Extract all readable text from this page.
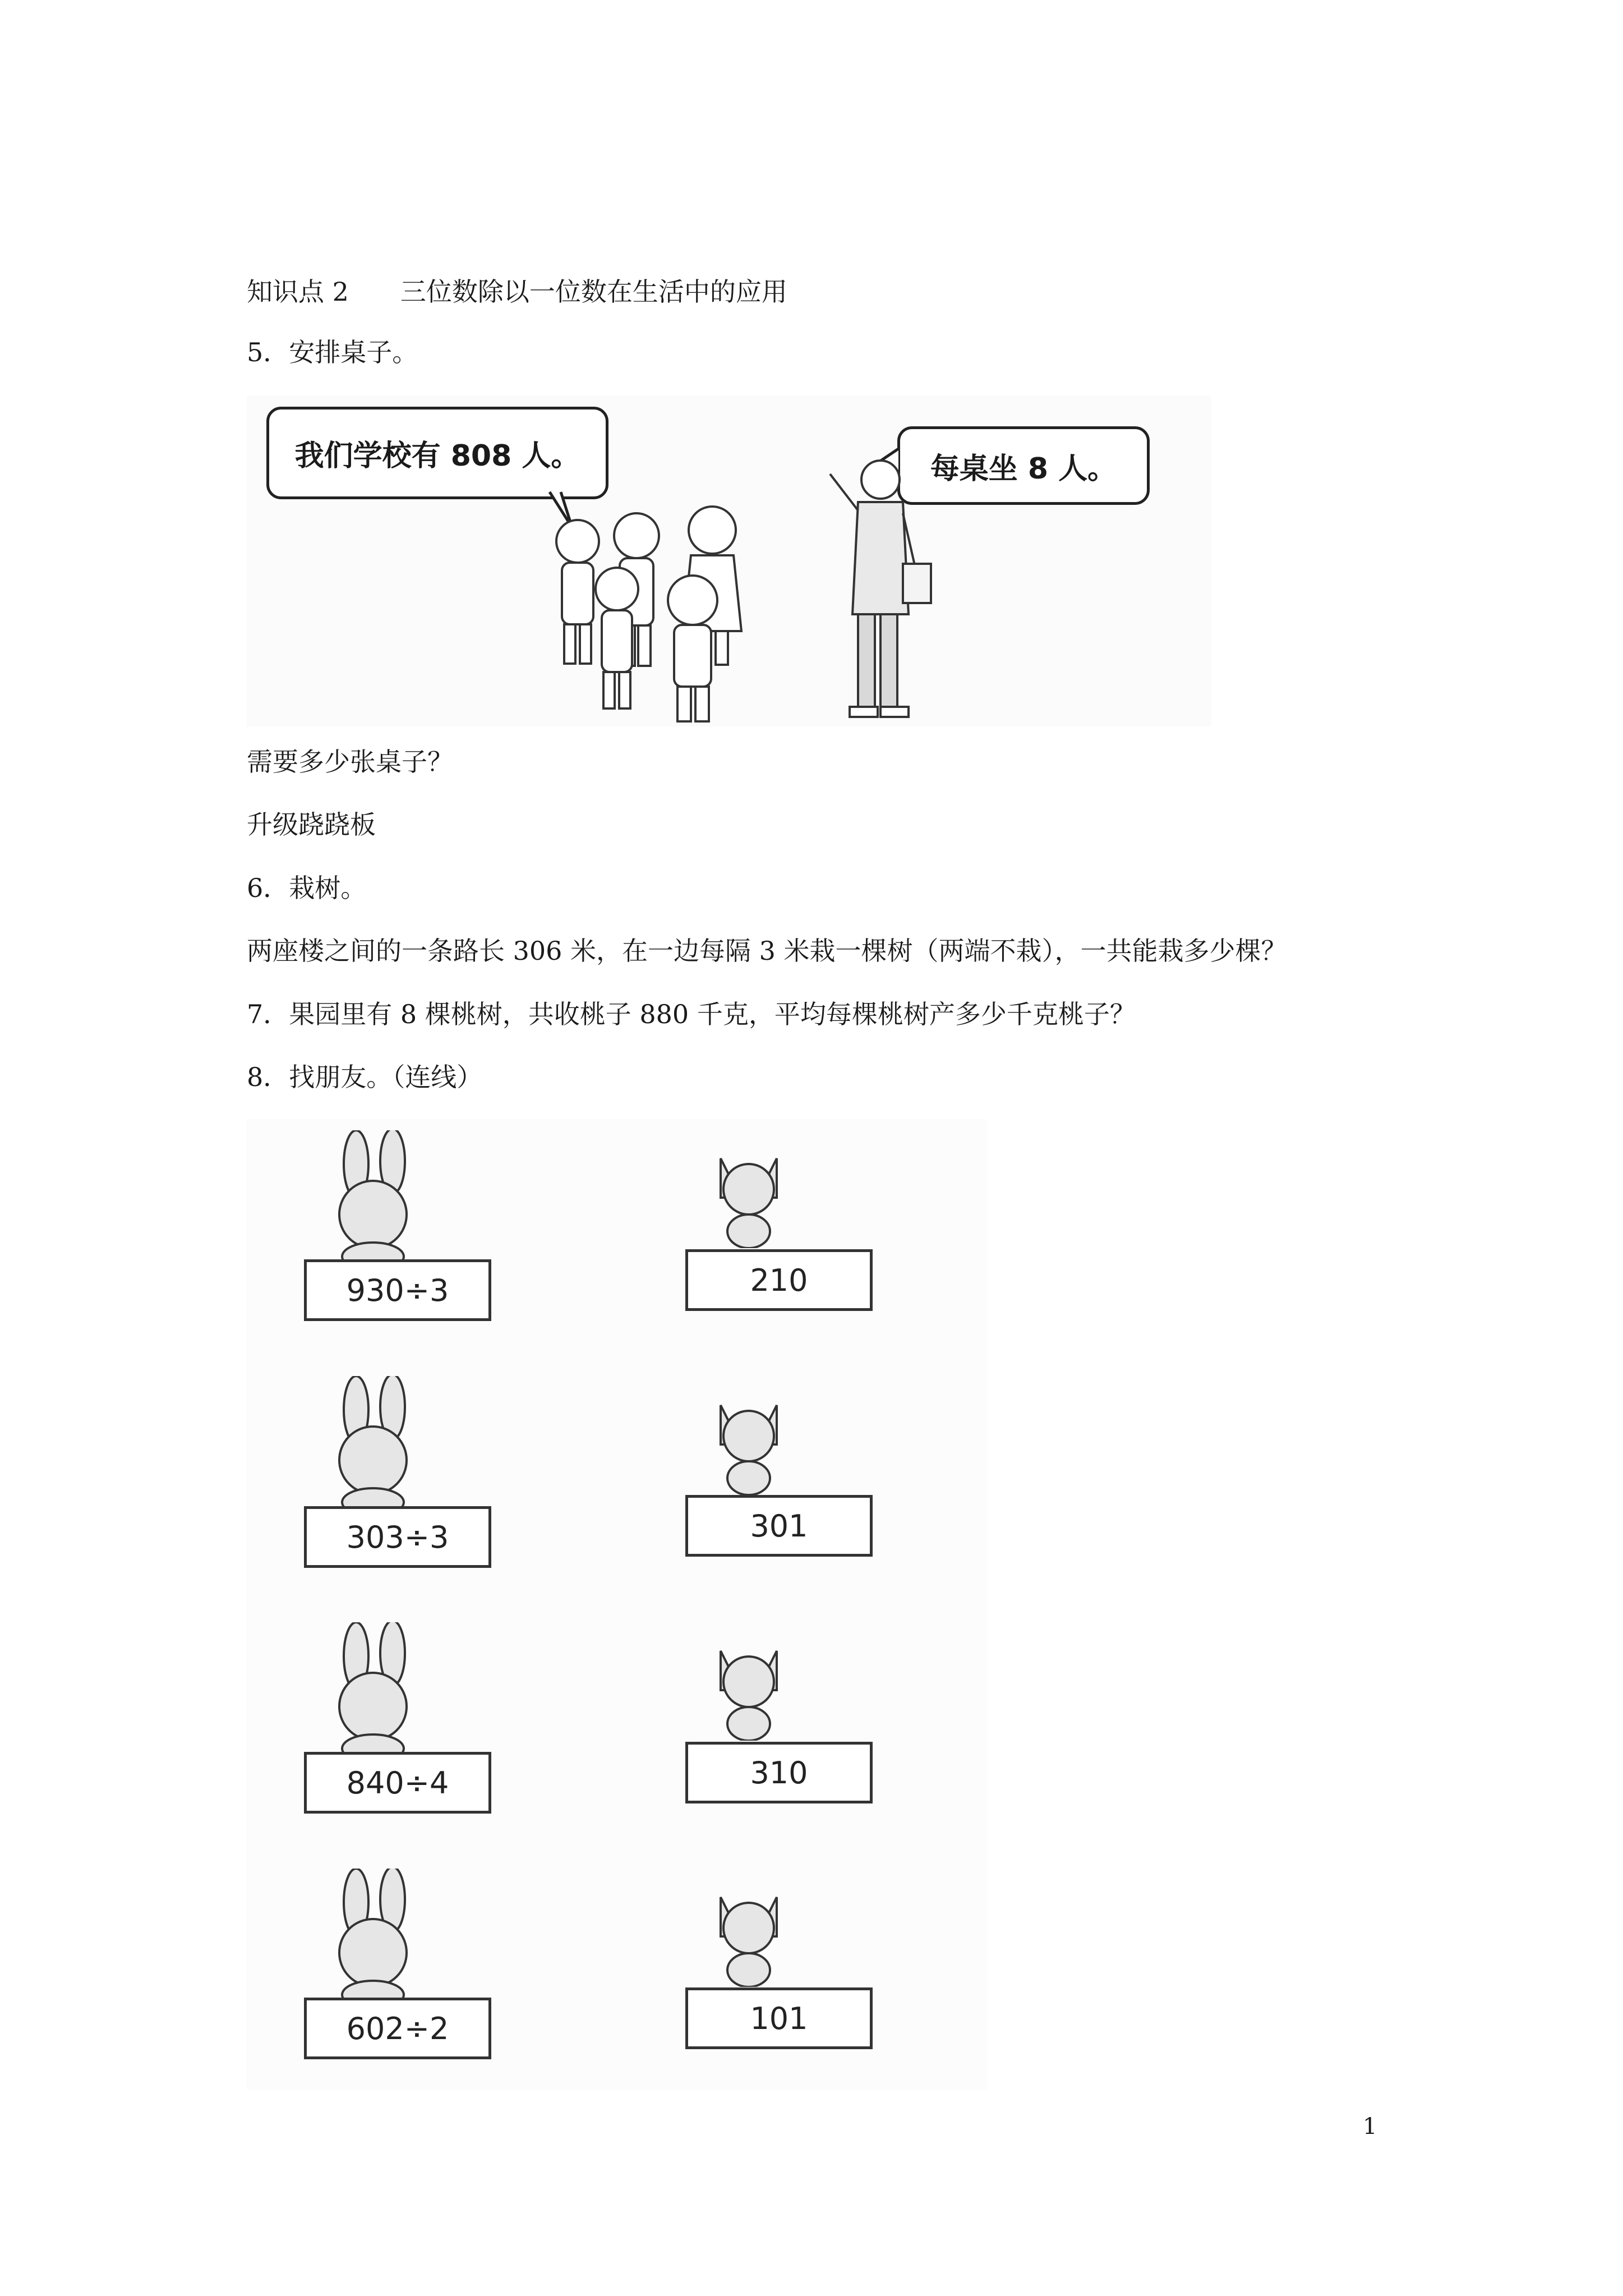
知识点 2 三位数除以一位数在生活中的应用
5．安排桌子。
我们学校有 808 人。	每桌坐 8 人。
需要多少张桌子？
升级跷跷板
6．栽树。
两座楼之间的一条路长 306 米，在一边每隔 3 米栽一棵树（两端不栽），一共能栽多少棵？
7．果园里有 8 棵桃树，共收桃子 880 千克，平均每棵桃树产多少千克桃子？
8．找朋友。（连线）
930÷3
303÷3
840÷4
602÷2
210
301
310
101
1
